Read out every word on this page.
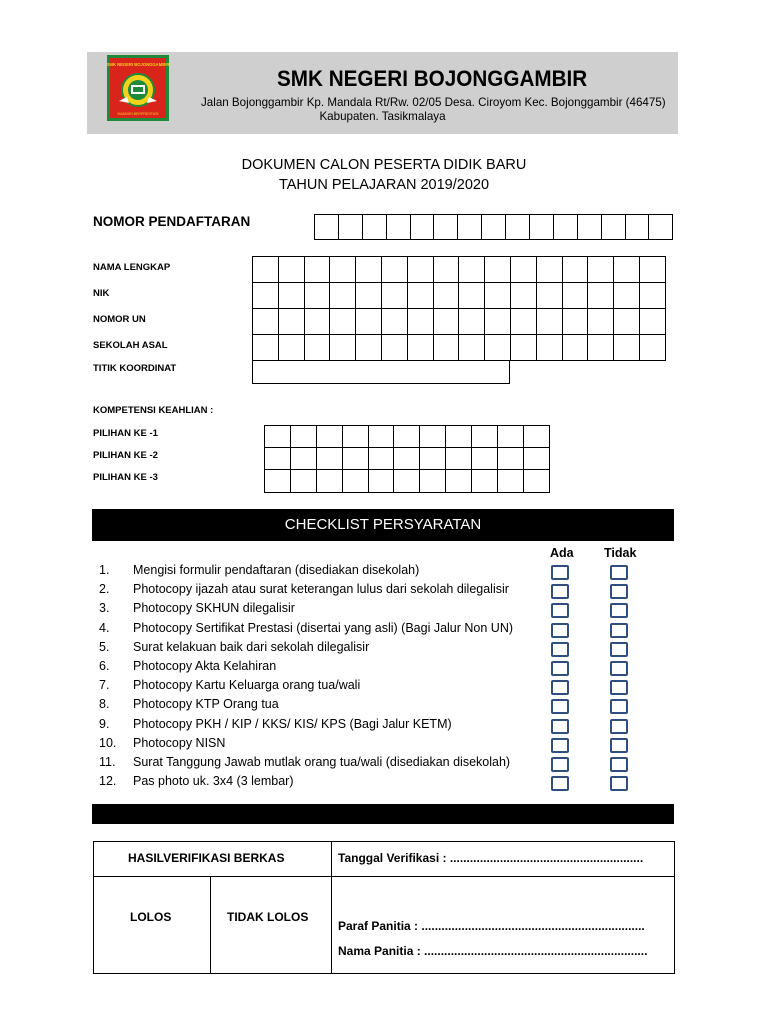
SMK NEGERI BOJONGGAMBIR
MANDIRI BERPRESTASI
SMK NEGERI BOJONGGAMBIR
Jalan Bojonggambir Kp. Mandala Rt/Rw. 02/05 Desa. Ciroyom Kec. Bojonggambir (46475)
Kabupaten. Tasikmalaya
DOKUMEN CALON PESERTA DIDIK BARU
TAHUN PELAJARAN 2019/2020
NOMOR PENDAFTARAN
NAMA LENGKAP
NIK
NOMOR UN
SEKOLAH ASAL
TITIK KOORDINAT
KOMPETENSI KEAHLIAN :
PILIHAN KE -1
PILIHAN KE -2
PILIHAN KE -3
CHECKLIST PERSYARATAN
Ada Tidak
1.	Mengisi formulir pendaftaran (disediakan disekolah)
2.	Photocopy ijazah atau surat keterangan lulus dari sekolah dilegalisir
3.	Photocopy SKHUN dilegalisir
4.	Photocopy Sertifikat Prestasi (disertai yang asli) (Bagi Jalur Non UN)
5.	Surat kelakuan baik dari sekolah dilegalisir
6.	Photocopy Akta Kelahiran
7.	Photocopy Kartu Keluarga orang tua/wali
8.	Photocopy KTP Orang tua
9.	Photocopy PKH / KIP / KKS/ KIS/ KPS (Bagi Jalur KETM)
10. Photocopy NISN
11. Surat Tanggung Jawab mutlak orang tua/wali (disediakan disekolah)
12. Pas photo uk. 3x4 (3 lembar)
HASILVERIFIKASI BERKAS	Tanggal Verifikasi : ..........................................................
LOLOS	TIDAK LOLOS
Paraf Panitia : ...................................................................
Nama Panitia : ...................................................................
